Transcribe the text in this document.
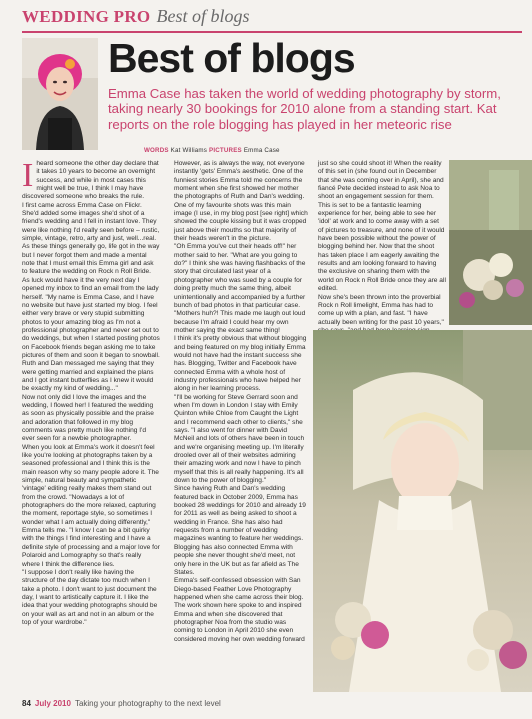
WEDDING PRO Best of blogs
Best of blogs
Emma Case has taken the world of wedding photography by storm, taking nearly 30 bookings for 2010 alone from a standing start. Kat reports on the role blogging has played in her meteoric rise
WORDS Kat Williams PICTURES Emma Case
I heard someone the other day declare that it takes 10 years to become an overnight success, and while in most cases this might well be true, I think I may have discovered someone who breaks the rule.

I first came across Emma Case on Flickr. She'd added some images she'd shot of a friend's wedding and I fell in instant love. They were like nothing I'd really seen before – rustic, simple, vintage, retro, arty and just, well...real. As these things generally go, life got in the way but I never forgot them and made a mental note that I must email this Emma girl and ask to feature the wedding on Rock n Roll Bride.

As luck would have it the very next day I opened my inbox to find an email from the lady herself. "My name is Emma Case, and I have no website but have just started my blog. I feel either very brave or very stupid submitting photos to your amazing blog as I'm not a professional photographer and never set out to do weddings, but when I started posting photos on Facebook friends began asking me to take pictures of them and soon it began to snowball. Ruth and Dan messaged me saying that they were getting married and explained the plans and I got instant butterflies as I knew it would be exactly my kind of wedding..."

Now not only did I love the images and the wedding, I flowed her! I featured the wedding as soon as physically possible and the praise and adoration that followed in my blog comments was pretty much like nothing I'd ever seen for a newbie photographer.

When you look at Emma's work it doesn't feel like you're looking at photographs taken by a seasoned professional and I think this is the main reason why so many people adore it. The simple, natural beauty and sympathetic 'vintage' editing really makes them stand out from the crowd. "Nowadays a lot of photographers do the more relaxed, capturing the moment, reportage style, so sometimes I wonder what I am actually doing differently," Emma tells me. "I know I can be a bit quirky with the things I find interesting and I have a definite style of processing and a major love for Polaroid and Lomography so that's really where I think the difference lies.

"I suppose I don't really like having the structure of the day dictate too much when I take a photo. I don't want to just document the day, I want to artistically capture it. I like the idea that your wedding photographs should be on your wall as art and not in an album or the top of your wardrobe."

However, as is always the way, not everyone instantly 'gets' Emma's aesthetic. One of the funniest stories Emma told me concerns the moment when she first showed her mother the photographs of Ruth and Dan's wedding. One of my favourite shots was this main image (I use, in my blog post [see right] which showed the couple kissing but it was cropped just above their mouths so that majority of their heads weren't in the picture.

"Oh Emma you've cut their heads off!" her mother said to her. "What are you going to do?" I think she was having flashbacks of the story that circulated last year of a photographer who was sued by a couple for doing pretty much the same thing, albeit unintentionally and accompanied by a further bunch of bad photos in that particular case. "Mothers huh?! This made me laugh out loud because I'm afraid I could hear my own mother saying the exact same thing!

I think it's pretty obvious that without blogging and being featured on my blog initially Emma would not have had the instant success she has. Blogging, Twitter and Facebook have connected Emma with a whole host of industry professionals who have helped her along in her learning process.

"I'll be working for Steve Gerrard soon and when I'm down in London I stay with Emily Quinton while Chloe from Caught the Light and I recommend each other to clients," she says. "I also went for dinner with David McNeil and lots of others have been in touch and we're organising meeting up. I'm literally drooled over all of their websites admiring their amazing work and now I have to pinch myself that this is all really happening. It's all down to the power of blogging."

Since having Ruth and Dan's wedding featured back in October 2009, Emma has booked 28 weddings for 2010 and already 19 for 2011 as well as being asked to shoot a wedding in France. She has also had requests from a number of wedding magazines wanting to feature her weddings. Blogging has also connected Emma with people she never thought she'd meet, not only here in the UK but as far afield as The States.

Emma's self-confessed obsession with San Diego-based Feather Love Photography happened when she came across their blog. The work shown here spoke to and inspired Emma and when she discovered that photographer Noa from the studio was coming to London in April 2010 she even considered moving her own wedding forward

just so she could shoot it! When the reality of this set in (she found out in December that she was coming over in April), she and fiancé Pete decided instead to ask Noa to shoot an engagement session for them.

This is set to be a fantastic learning experience for her, being able to see her 'idol' at work and to come away with a set of pictures to treasure, and none of it would have been possible without the power of blogging behind her. Now that the shoot has taken place I am eagerly awaiting the results and am looking forward to having the exclusive on sharing them with the world on Rock n Roll Bride once they are all edited.

Now she's been thrown into the proverbial Rock n Roll limelight, Emma has had to come up with a plan, and fast. "I have actually been writing for the past 10 years,"

84 July 2010 Taking your photography to the next level
